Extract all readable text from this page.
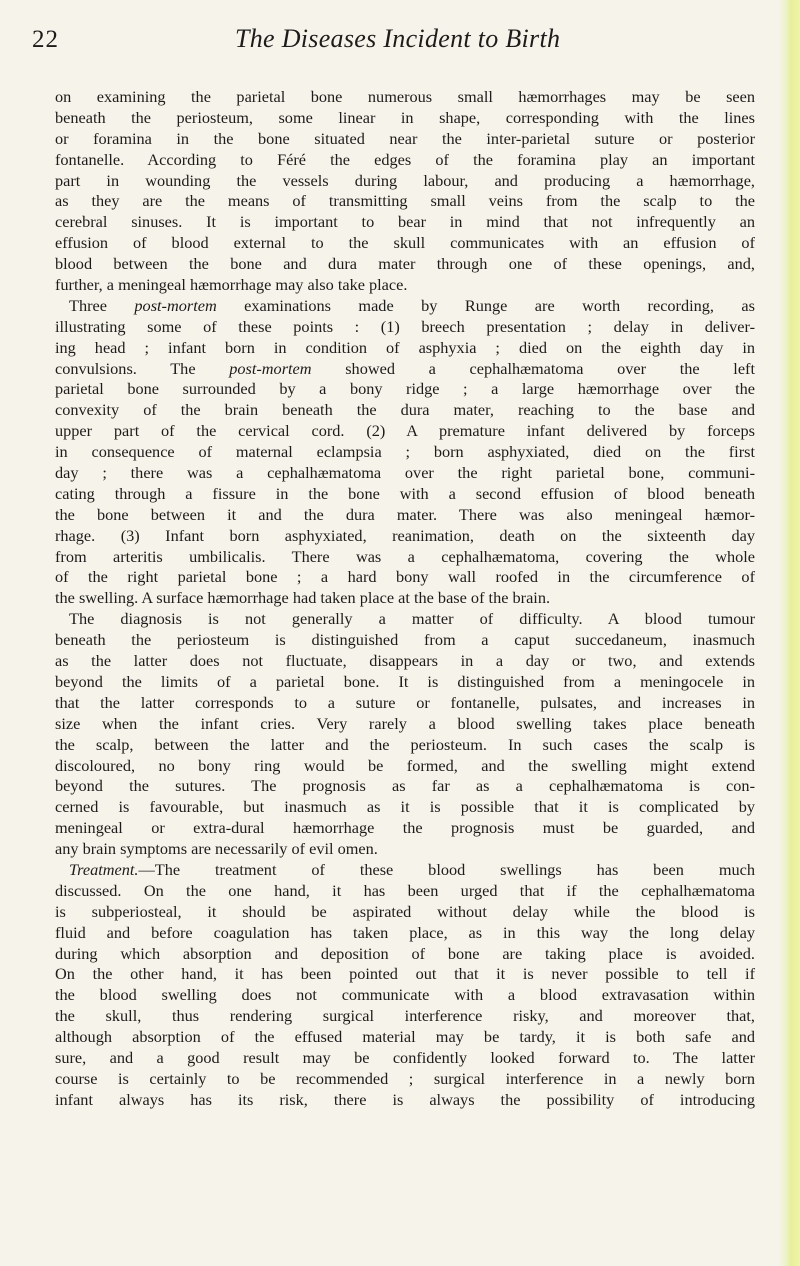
22	The Diseases Incident to Birth
on examining the parietal bone numerous small hæmorrhages may be seen
beneath the periosteum, some linear in shape, corresponding with the lines
or foramina in the bone situated near the inter-parietal suture or posterior
fontanelle. According to Féré the edges of the foramina play an important
part in wounding the vessels during labour, and producing a hæmorrhage,
as they are the means of transmitting small veins from the scalp to the
cerebral sinuses. It is important to bear in mind that not infrequently an
effusion of blood external to the skull communicates with an effusion of
blood between the bone and dura mater through one of these openings, and,
further, a meningeal hæmorrhage may also take place.
Three post-mortem examinations made by Runge are worth recording, as
illustrating some of these points : (1) breech presentation ; delay in deliver-
ing head ; infant born in condition of asphyxia ; died on the eighth day in
convulsions. The post-mortem showed a cephalhæmatoma over the left
parietal bone surrounded by a bony ridge ; a large hæmorrhage over the
convexity of the brain beneath the dura mater, reaching to the base and
upper part of the cervical cord. (2) A premature infant delivered by forceps
in consequence of maternal eclampsia ; born asphyxiated, died on the first
day ; there was a cephalhæmatoma over the right parietal bone, communi-
cating through a fissure in the bone with a second effusion of blood beneath
the bone between it and the dura mater. There was also meningeal hæmor-
rhage. (3) Infant born asphyxiated, reanimation, death on the sixteenth day
from arteritis umbilicalis. There was a cephalhæmatoma, covering the whole
of the right parietal bone ; a hard bony wall roofed in the circumference of
the swelling. A surface hæmorrhage had taken place at the base of the brain.
The diagnosis is not generally a matter of difficulty. A blood tumour
beneath the periosteum is distinguished from a caput succedaneum, inasmuch
as the latter does not fluctuate, disappears in a day or two, and extends
beyond the limits of a parietal bone. It is distinguished from a meningocele in
that the latter corresponds to a suture or fontanelle, pulsates, and increases in
size when the infant cries. Very rarely a blood swelling takes place beneath
the scalp, between the latter and the periosteum. In such cases the scalp is
discoloured, no bony ring would be formed, and the swelling might extend
beyond the sutures. The prognosis as far as a cephalhæmatoma is con-
cerned is favourable, but inasmuch as it is possible that it is complicated by
meningeal or extra-dural hæmorrhage the prognosis must be guarded, and
any brain symptoms are necessarily of evil omen.
Treatment.—The treatment of these blood swellings has been much
discussed. On the one hand, it has been urged that if the cephalhæmatoma
is subperiosteal, it should be aspirated without delay while the blood is
fluid and before coagulation has taken place, as in this way the long delay
during which absorption and deposition of bone are taking place is avoided.
On the other hand, it has been pointed out that it is never possible to tell if
the blood swelling does not communicate with a blood extravasation within
the skull, thus rendering surgical interference risky, and moreover that,
although absorption of the effused material may be tardy, it is both safe and
sure, and a good result may be confidently looked forward to. The latter
course is certainly to be recommended ; surgical interference in a newly born
infant always has its risk, there is always the possibility of introducing
